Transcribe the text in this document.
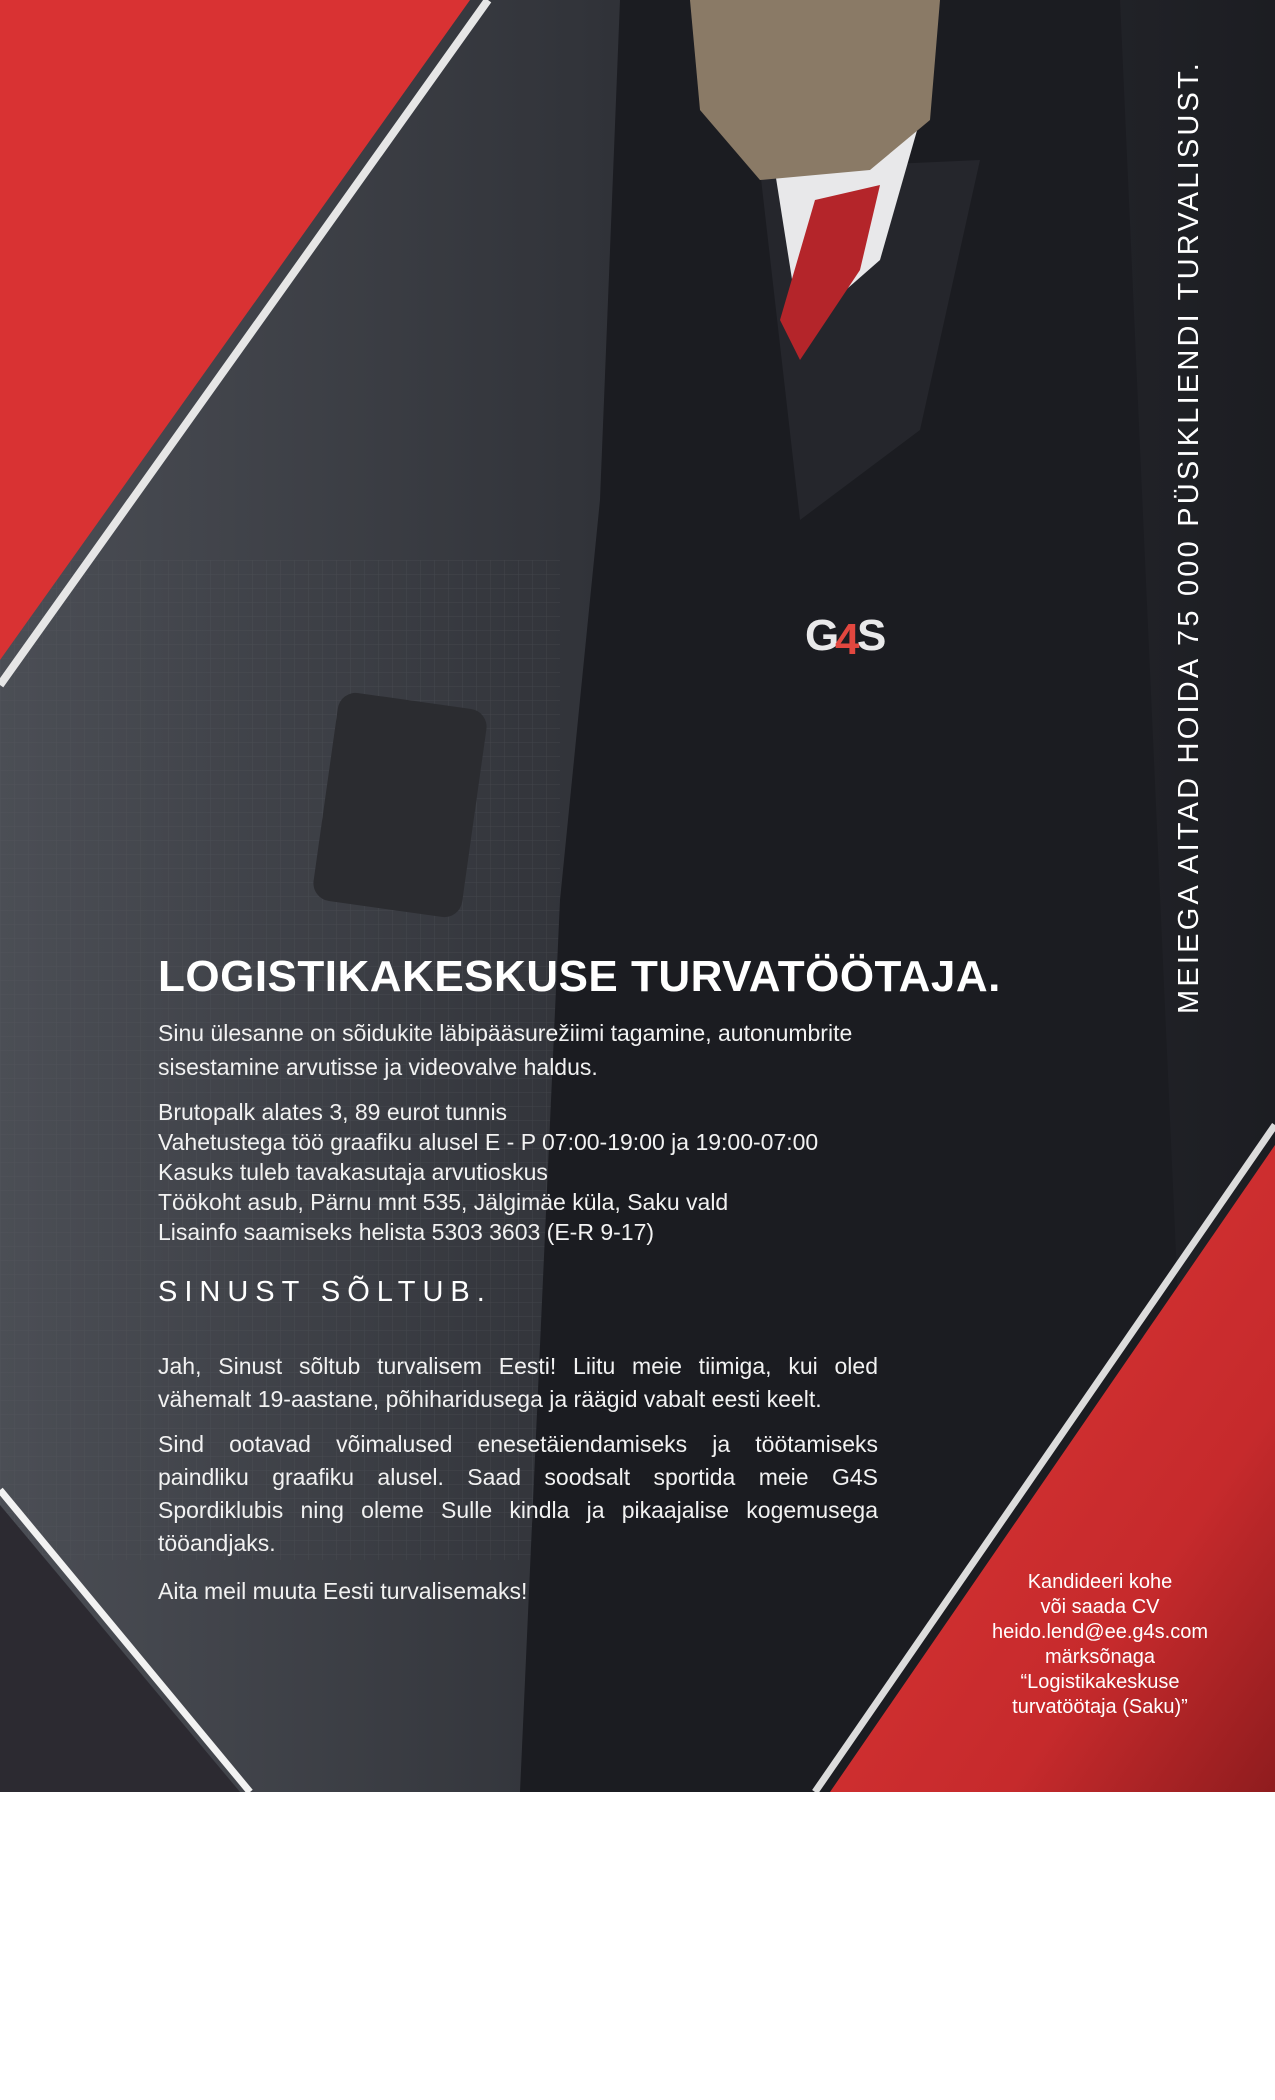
G
4
S
LOGISTIKAKESKUSE TURVATÖÖTAJA.

Sinu ülesanne on sõidukite läbipääsurežiimi tagamine, autonumbrite sisestamine arvutisse ja videovalve haldus.

Brutopalk alates 3, 89 eurot tunnis
Vahetustega töö graafiku alusel E - P 07:00-19:00 ja 19:00-07:00
Kasuks tuleb tavakasutaja arvutioskus
Töökoht asub, Pärnu mnt 535, Jälgimäe küla, Saku vald
Lisainfo saamiseks helista 5303 3603 (E-R 9-17)
SINUST SÕLTUB.

Jah, Sinust sõltub turvalisem Eesti! Liitu meie tiimiga, kui oled vähemalt 19-aastane, põhiharidusega ja räägid vabalt eesti keelt.

Sind ootavad võimalused enesetäiendamiseks ja töötamiseks paindliku graafiku alusel. Saad soodsalt sportida meie G4S Spordiklubis ning oleme Sulle kindla ja pikaajalise kogemusega tööandjaks.

Aita meil muuta Eesti turvalisemaks!

MEIEGA AITAD HOIDA 75 000 PÜSIKLIENDI TURVALISUST.
Kandideeri kohe
või saada CV
heido.lend@ee.g4s.com
märksõnaga
“Logistikakeskuse
turvatöötaja (Saku)”
